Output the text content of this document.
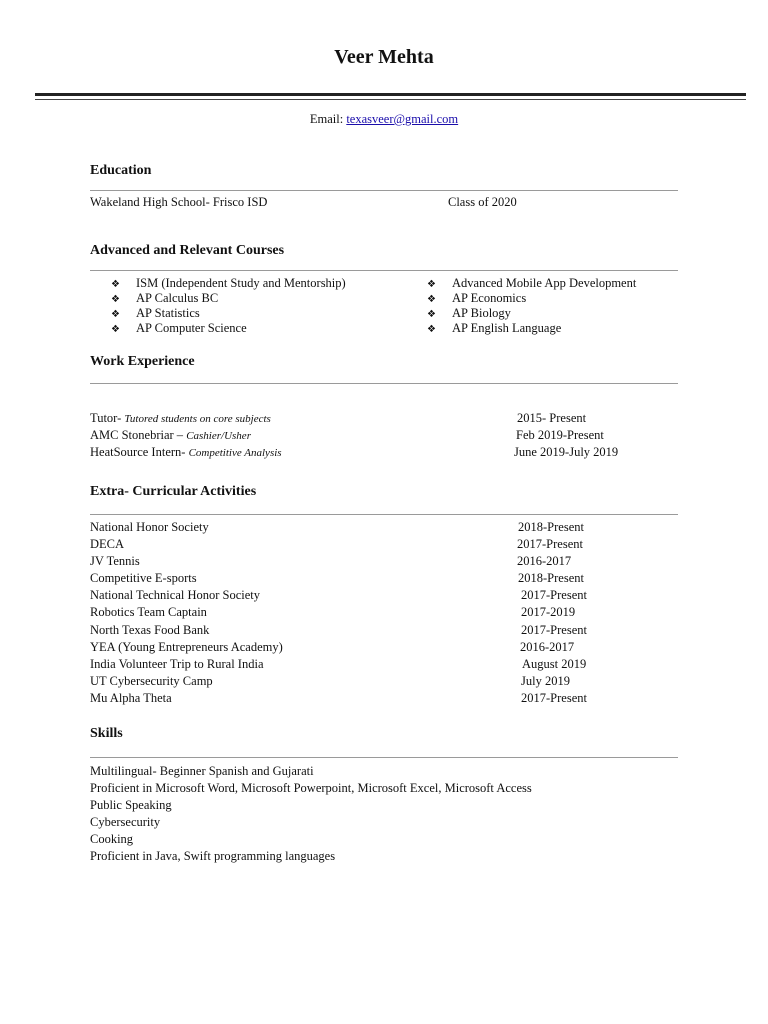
Veer Mehta
Email: texasveer@gmail.com
Education
Wakeland High School- Frisco ISD	Class of 2020
Advanced and Relevant Courses
❖ ISM (Independent Study and Mentorship)
❖ AP Calculus BC
❖ AP Statistics
❖ AP Computer Science
❖ Advanced Mobile App Development
❖ AP Economics
❖ AP Biology
❖ AP English Language
Work Experience
Tutor- Tutored students on core subjects	2015- Present
AMC Stonebriar – Cashier/Usher	Feb 2019-Present
HeatSource Intern- Competitive Analysis	June 2019-July 2019
Extra- Curricular Activities
National Honor Society	2018-Present
DECA	2017-Present
JV Tennis	2016-2017
Competitive E-sports	2018-Present
National Technical Honor Society	2017-Present
Robotics Team Captain	2017-2019
North Texas Food Bank	2017-Present
YEA (Young Entrepreneurs Academy)	2016-2017
India Volunteer Trip to Rural India	August 2019
UT Cybersecurity Camp	July 2019
Mu Alpha Theta	2017-Present
Skills
Multilingual- Beginner Spanish and Gujarati
Proficient in Microsoft Word, Microsoft Powerpoint, Microsoft Excel, Microsoft Access
Public Speaking
Cybersecurity
Cooking
Proficient in Java, Swift programming languages
